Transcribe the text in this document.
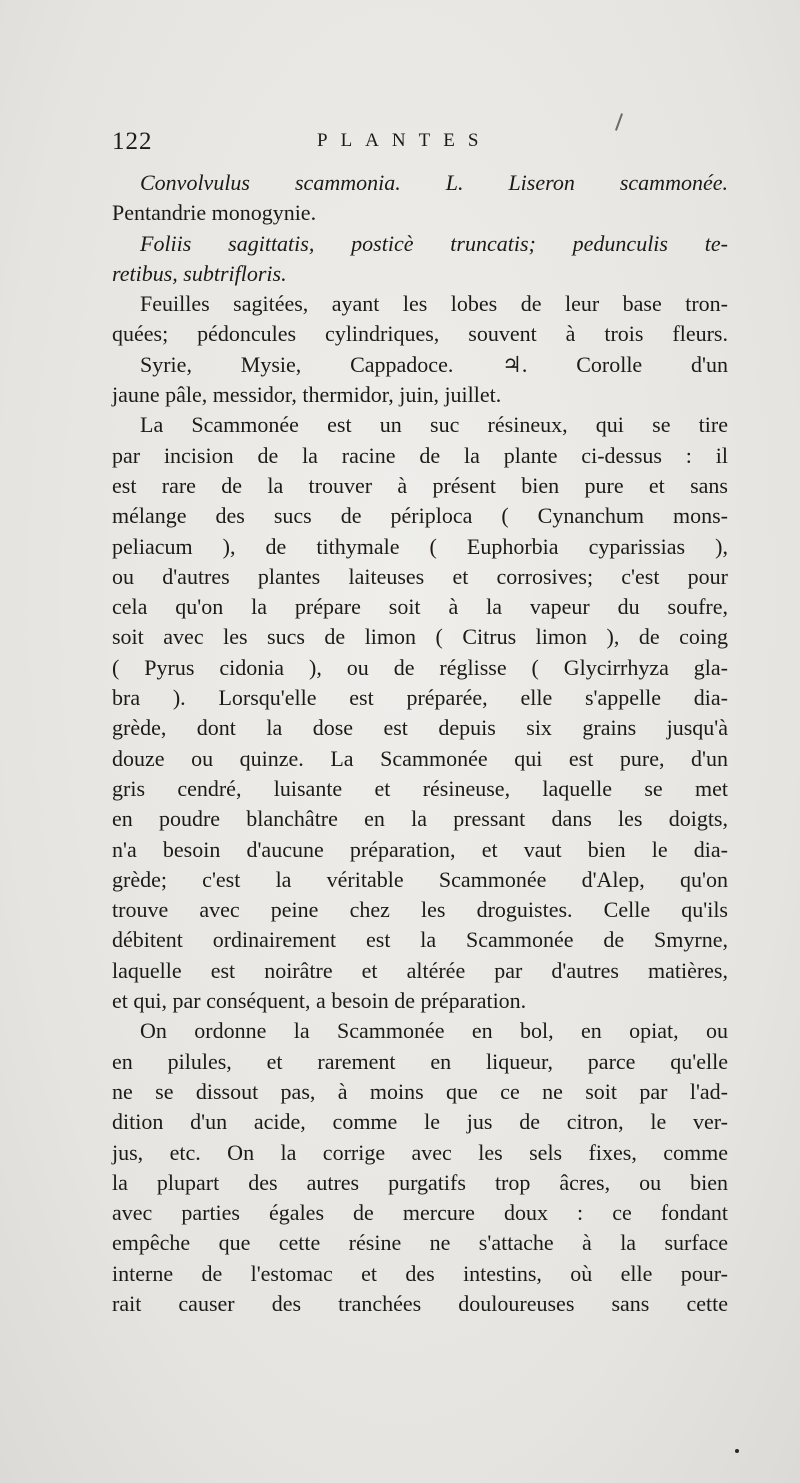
122	PLANTES
Convolvulus scammonia. L. Liseron scammonée.
Pentandrie monogynie.
Foliis sagittatis, posticè truncatis; pedunculis te-
retibus, subtrifloris.
Feuilles sagitées, ayant les lobes de leur base tron-
quées; pédoncules cylindriques, souvent à trois fleurs.
Syrie, Mysie, Cappadoce. ♃. Corolle d'un
jaune pâle, messidor, thermidor, juin, juillet.
La Scammonée est un suc résineux, qui se tire
par incision de la racine de la plante ci-dessus : il
est rare de la trouver à présent bien pure et sans
mélange des sucs de périploca ( Cynanchum mons-
peliacum ), de tithymale ( Euphorbia cyparissias ),
ou d'autres plantes laiteuses et corrosives; c'est pour
cela qu'on la prépare soit à la vapeur du soufre,
soit avec les sucs de limon ( Citrus limon ), de coing
( Pyrus cidonia ), ou de réglisse ( Glycirrhyza gla-
bra ). Lorsqu'elle est préparée, elle s'appelle dia-
grède, dont la dose est depuis six grains jusqu'à
douze ou quinze. La Scammonée qui est pure, d'un
gris cendré, luisante et résineuse, laquelle se met
en poudre blanchâtre en la pressant dans les doigts,
n'a besoin d'aucune préparation, et vaut bien le dia-
grède; c'est la véritable Scammonée d'Alep, qu'on
trouve avec peine chez les droguistes. Celle qu'ils
débitent ordinairement est la Scammonée de Smyrne,
laquelle est noirâtre et altérée par d'autres matières,
et qui, par conséquent, a besoin de préparation.
On ordonne la Scammonée en bol, en opiat, ou
en pilules, et rarement en liqueur, parce qu'elle
ne se dissout pas, à moins que ce ne soit par l'ad-
dition d'un acide, comme le jus de citron, le ver-
jus, etc. On la corrige avec les sels fixes, comme
la plupart des autres purgatifs trop âcres, ou bien
avec parties égales de mercure doux : ce fondant
empêche que cette résine ne s'attache à la surface
interne de l'estomac et des intestins, où elle pour-
rait causer des tranchées douloureuses sans cette
